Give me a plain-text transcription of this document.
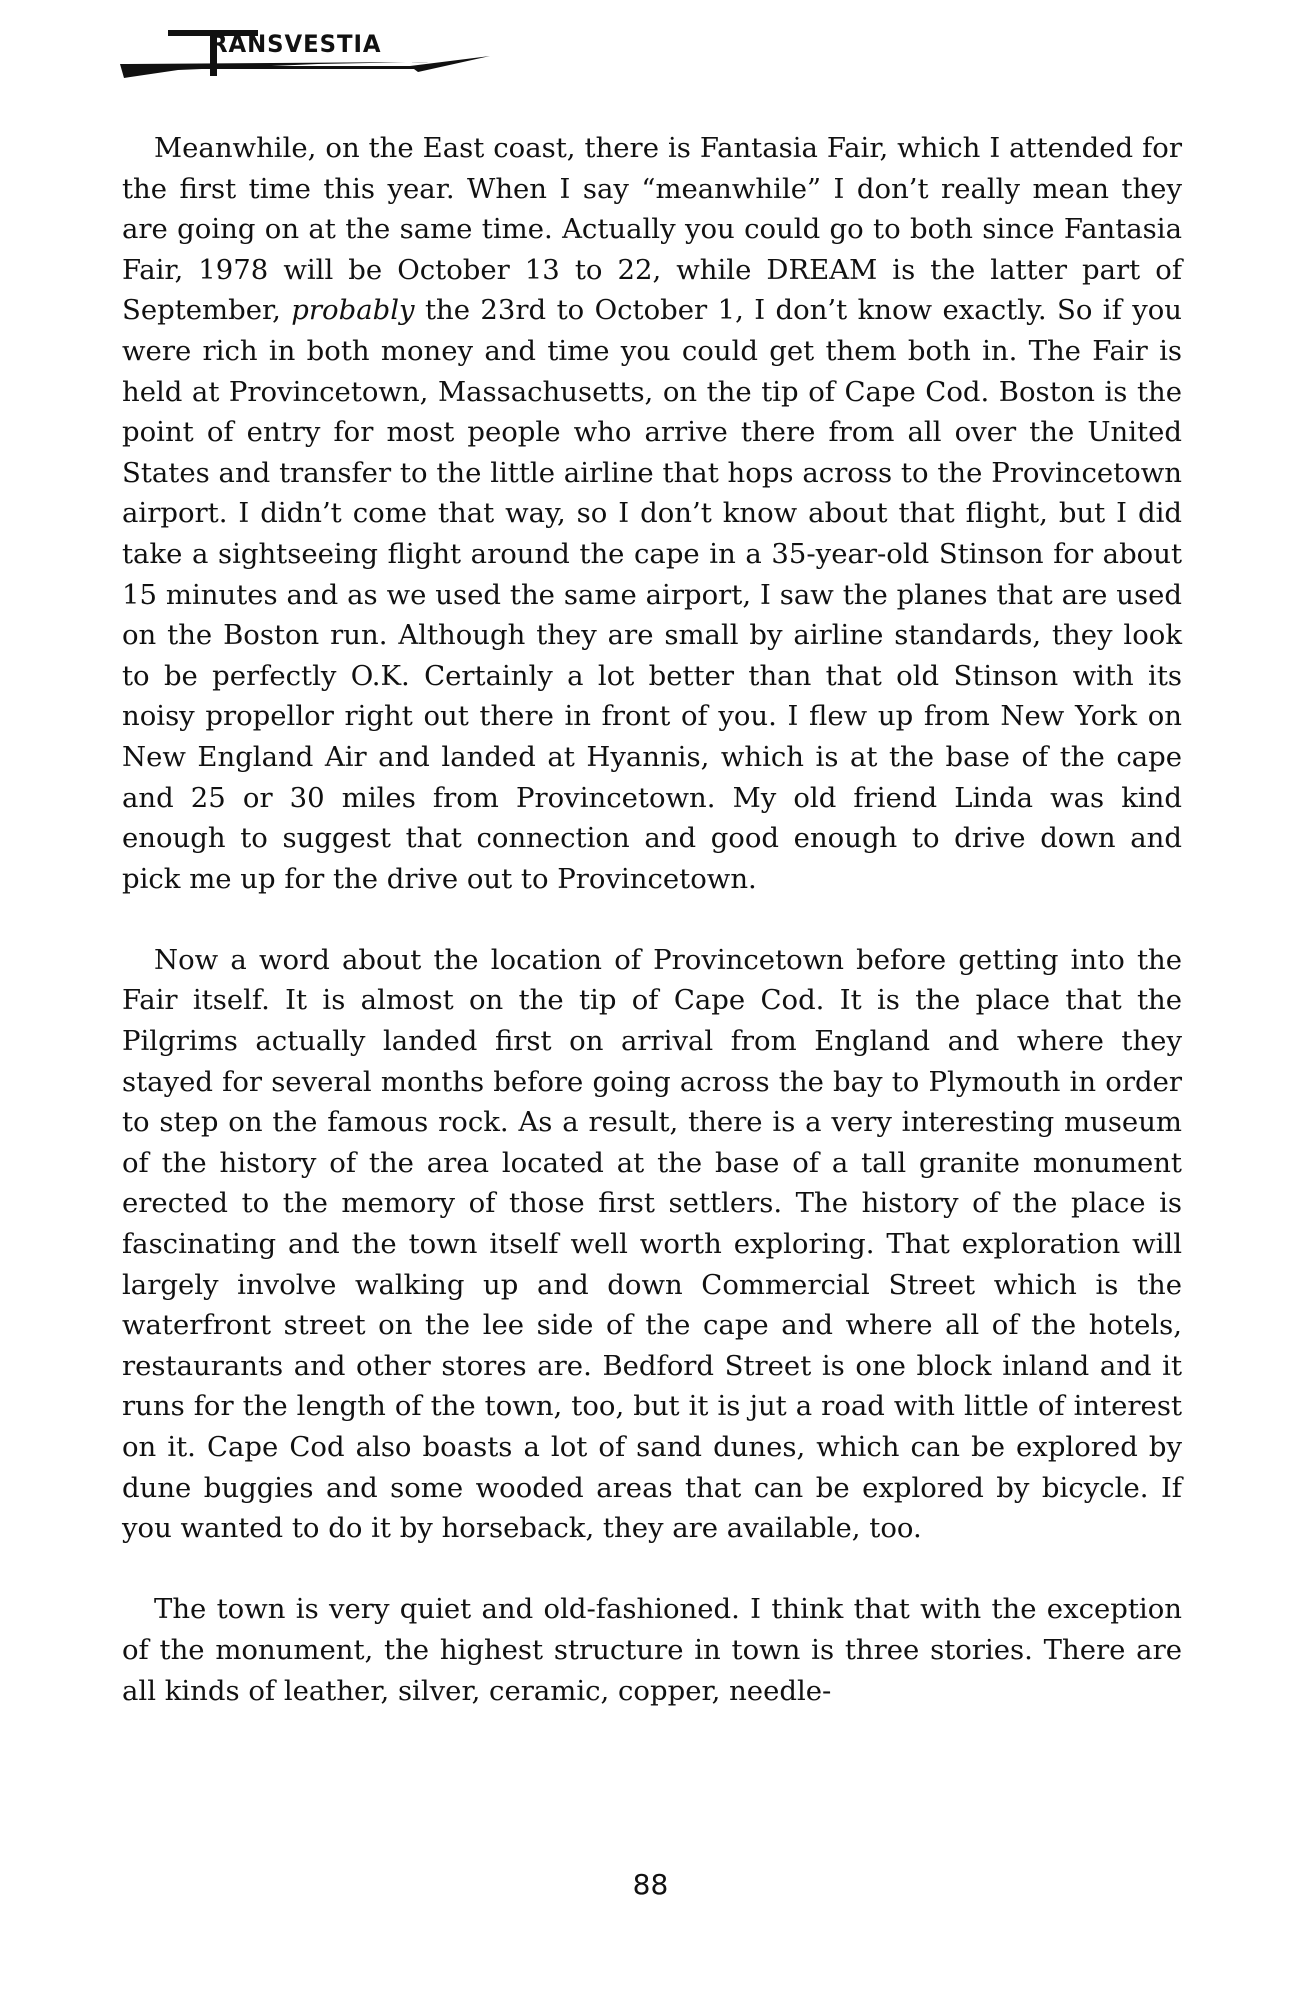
RANSVESTIA

Meanwhile, on the East coast, there is Fantasia Fair, which I attended for the first time this year. When I say “meanwhile” I don’t really mean they are going on at the same time. Actually you could go to both since Fantasia Fair, 1978 will be October 13 to 22, while DREAM is the latter part of September, probably the 23rd to October 1, I don’t know exactly. So if you were rich in both money and time you could get them both in. The Fair is held at Provincetown, Massachusetts, on the tip of Cape Cod. Boston is the point of entry for most people who arrive there from all over the United States and transfer to the little airline that hops across to the Provincetown airport. I didn’t come that way, so I don’t know about that flight, but I did take a sightseeing flight around the cape in a 35-year-old Stinson for about 15 minutes and as we used the same airport, I saw the planes that are used on the Boston run. Although they are small by airline standards, they look to be perfectly O.K. Certainly a lot better than that old Stinson with its noisy propellor right out there in front of you. I flew up from New York on New England Air and landed at Hyannis, which is at the base of the cape and 25 or 30 miles from Provincetown. My old friend Linda was kind enough to suggest that connection and good enough to drive down and pick me up for the drive out to Provincetown.

Now a word about the location of Provincetown before getting into the Fair itself. It is almost on the tip of Cape Cod. It is the place that the Pilgrims actually landed first on arrival from England and where they stayed for several months before going across the bay to Plymouth in order to step on the famous rock. As a result, there is a very interesting museum of the history of the area located at the base of a tall granite monument erected to the memory of those first settlers. The history of the place is fascinating and the town itself well worth exploring. That exploration will largely involve walking up and down Commercial Street which is the waterfront street on the lee side of the cape and where all of the hotels, restaurants and other stores are. Bedford Street is one block inland and it runs for the length of the town, too, but it is jut a road with little of interest on it. Cape Cod also boasts a lot of sand dunes, which can be explored by dune buggies and some wooded areas that can be explored by bicycle. If you wanted to do it by horseback, they are available, too.

The town is very quiet and old-fashioned. I think that with the exception of the monument, the highest structure in town is three stories. There are all kinds of leather, silver, ceramic, copper, needle-

88
